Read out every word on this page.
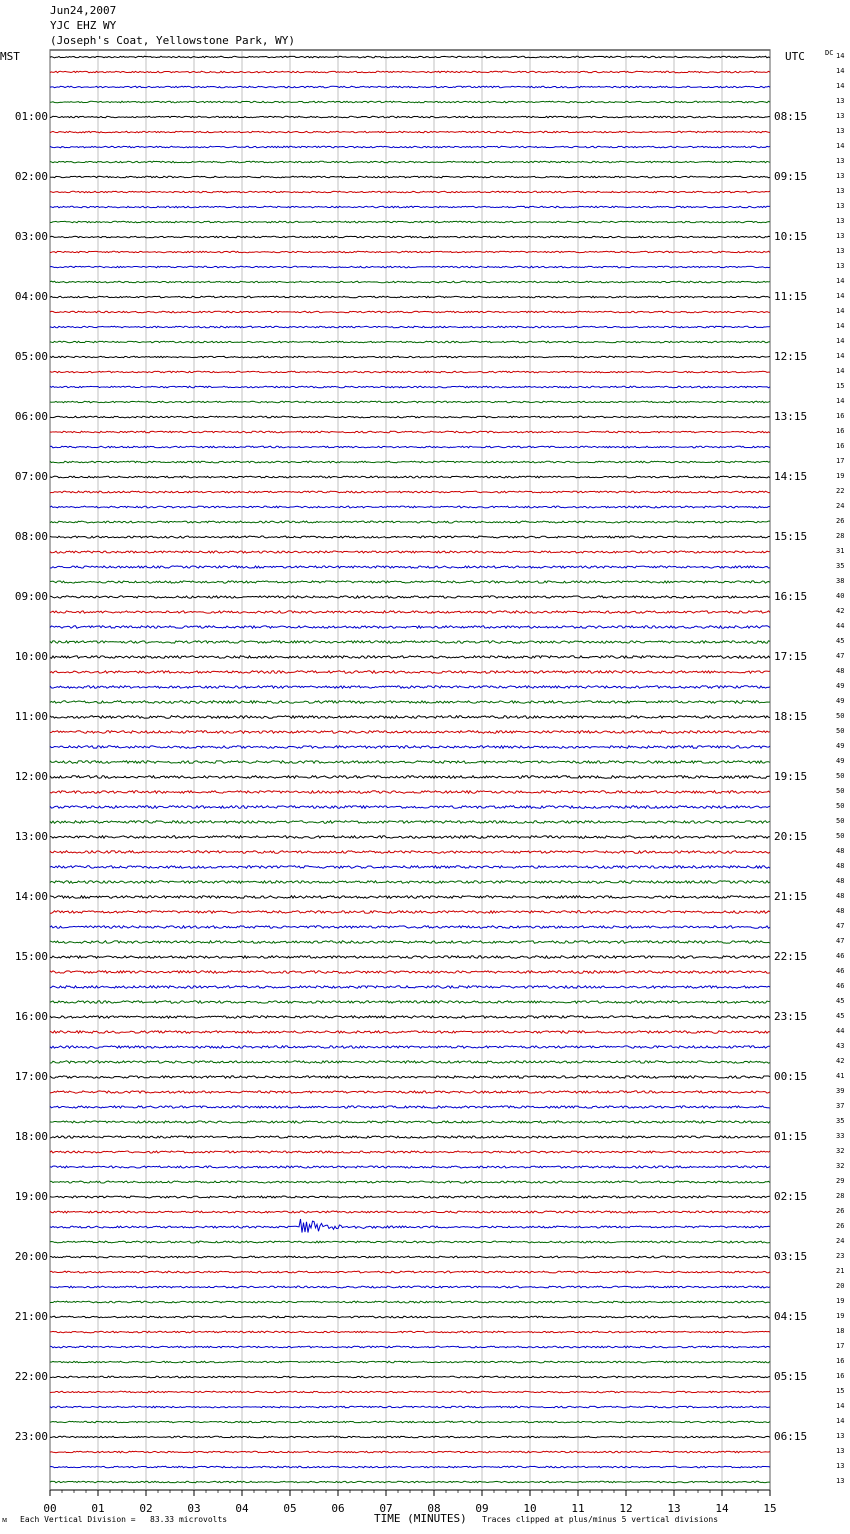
Jun24,2007
YJC EHZ WY
(Joseph's Coat, Yellowstone Park, WY)
MST	UTC	DC
00	01	02	03	04	05	06	07	08	09	10	11	12	13	14	15
14
14
14
13
13
13
14
13
13
13
13
13
13
13
13
14
14
14
14
14
14
14
15
14
16
16
16
17
19
22
24
26
28
31
35
38
40
42
44
45
47
48
49
49
50
50
49
49
50
50
50
50
50
48
48
48
48
48
47
47
46
46
46
45
45
44
43
42
41
39
37
35
33
32
32
29
28
26
26
24
23
21
20
19
19
18
17
16
16
15
14
14
13
13
13
13
01:00	08:15
02:00	09:15
03:00	10:15
04:00	11:15
05:00	12:15
06:00	13:15
07:00	14:15
08:00	15:15
09:00	16:15
10:00	17:15
11:00	18:15
12:00	19:15
13:00	20:15
14:00	21:15
15:00	22:15
16:00	23:15
17:00	00:15
18:00	01:15
19:00	02:15
20:00	03:15
21:00	04:15
22:00	05:15
23:00	06:15
ᴍ Each Vertical Division =   83.33 microvolts	TIME (MINUTES) Traces clipped at plus/minus 5 vertical divisions
